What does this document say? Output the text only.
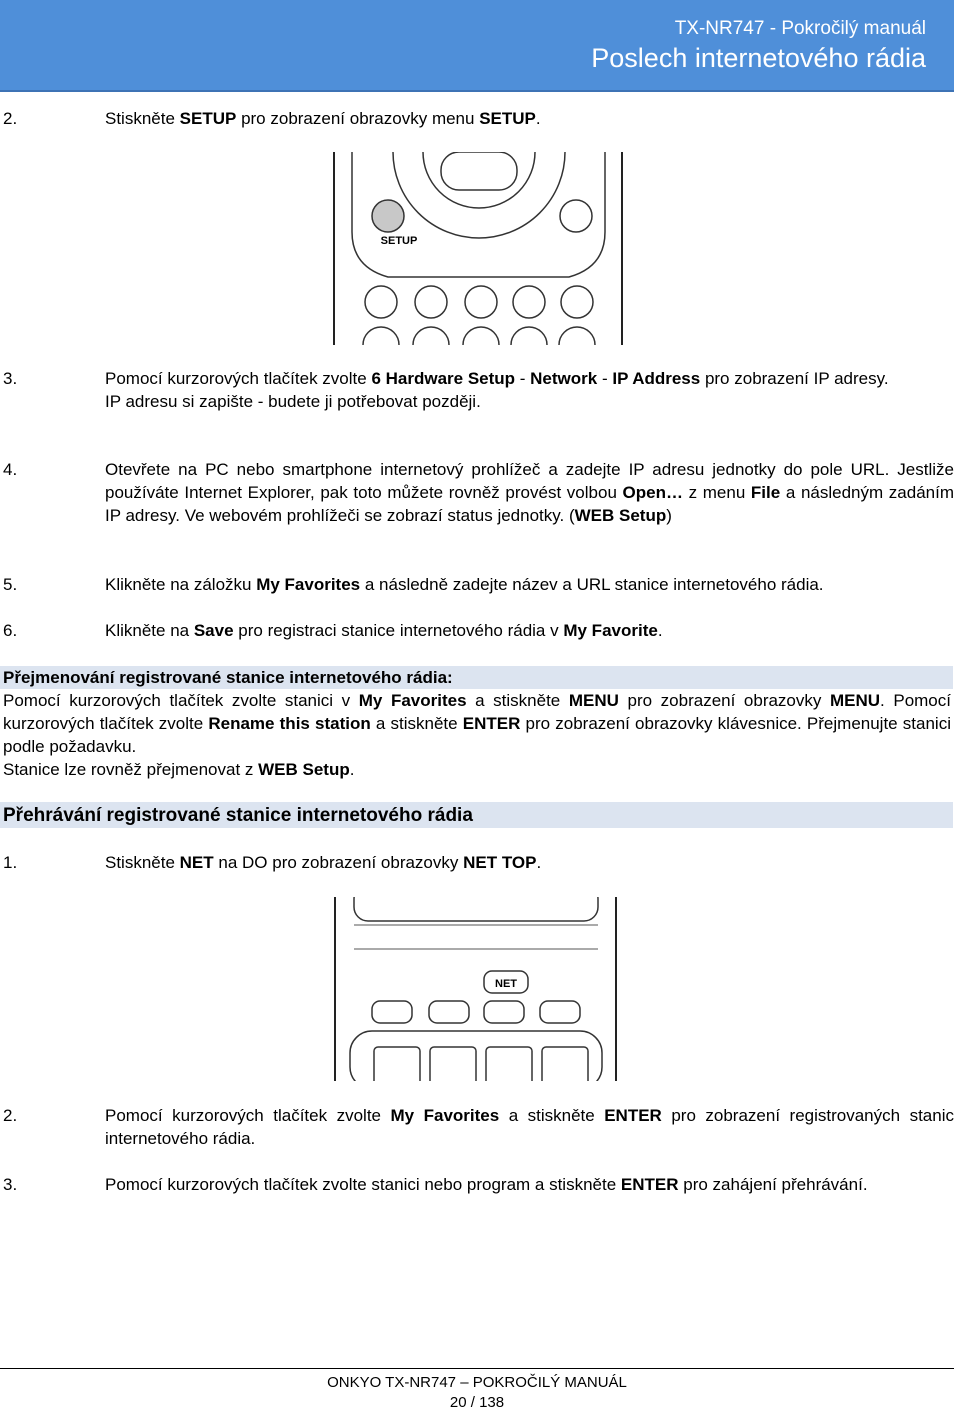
TX-NR747 - Pokročilý manuál
Poslech internetového rádia
2.	Stiskněte SETUP pro zobrazení obrazovky menu SETUP.
SETUP
3.	Pomocí kurzorových tlačítek zvolte 6 Hardware Setup - Network - IP Address pro zobrazení IP adresy.
IP adresu si zapište - budete ji potřebovat později.
4.	Otevřete na PC nebo smartphone internetový prohlížeč a zadejte IP adresu jednotky do pole URL. Jestliže používáte Internet Explorer, pak toto můžete rovněž provést volbou Open… z menu File a následným zadáním IP adresy. Ve webovém prohlížeči se zobrazí status jednotky. (WEB Setup)
5.	Klikněte na záložku My Favorites a následně zadejte název a URL stanice internetového rádia.
6.	Klikněte na Save pro registraci stanice internetového rádia v My Favorite.
Přejmenování registrované stanice internetového rádia:
Pomocí kurzorových tlačítek zvolte stanici v My Favorites a stiskněte MENU pro zobrazení obrazovky MENU. Pomocí kurzorových tlačítek zvolte Rename this station a stiskněte ENTER pro zobrazení obrazovky klávesnice. Přejmenujte stanici podle požadavku.
Stanice lze rovněž přejmenovat z WEB Setup.
Přehrávání registrované stanice internetového rádia
1.	Stiskněte NET na DO pro zobrazení obrazovky NET TOP.
NET
2.	Pomocí kurzorových tlačítek zvolte My Favorites a stiskněte ENTER pro zobrazení registrovaných stanic internetového rádia.
3.	Pomocí kurzorových tlačítek zvolte stanici nebo program a stiskněte ENTER pro zahájení přehrávání.
ONKYO TX-NR747 – POKROČILÝ MANUÁL
20 / 138
